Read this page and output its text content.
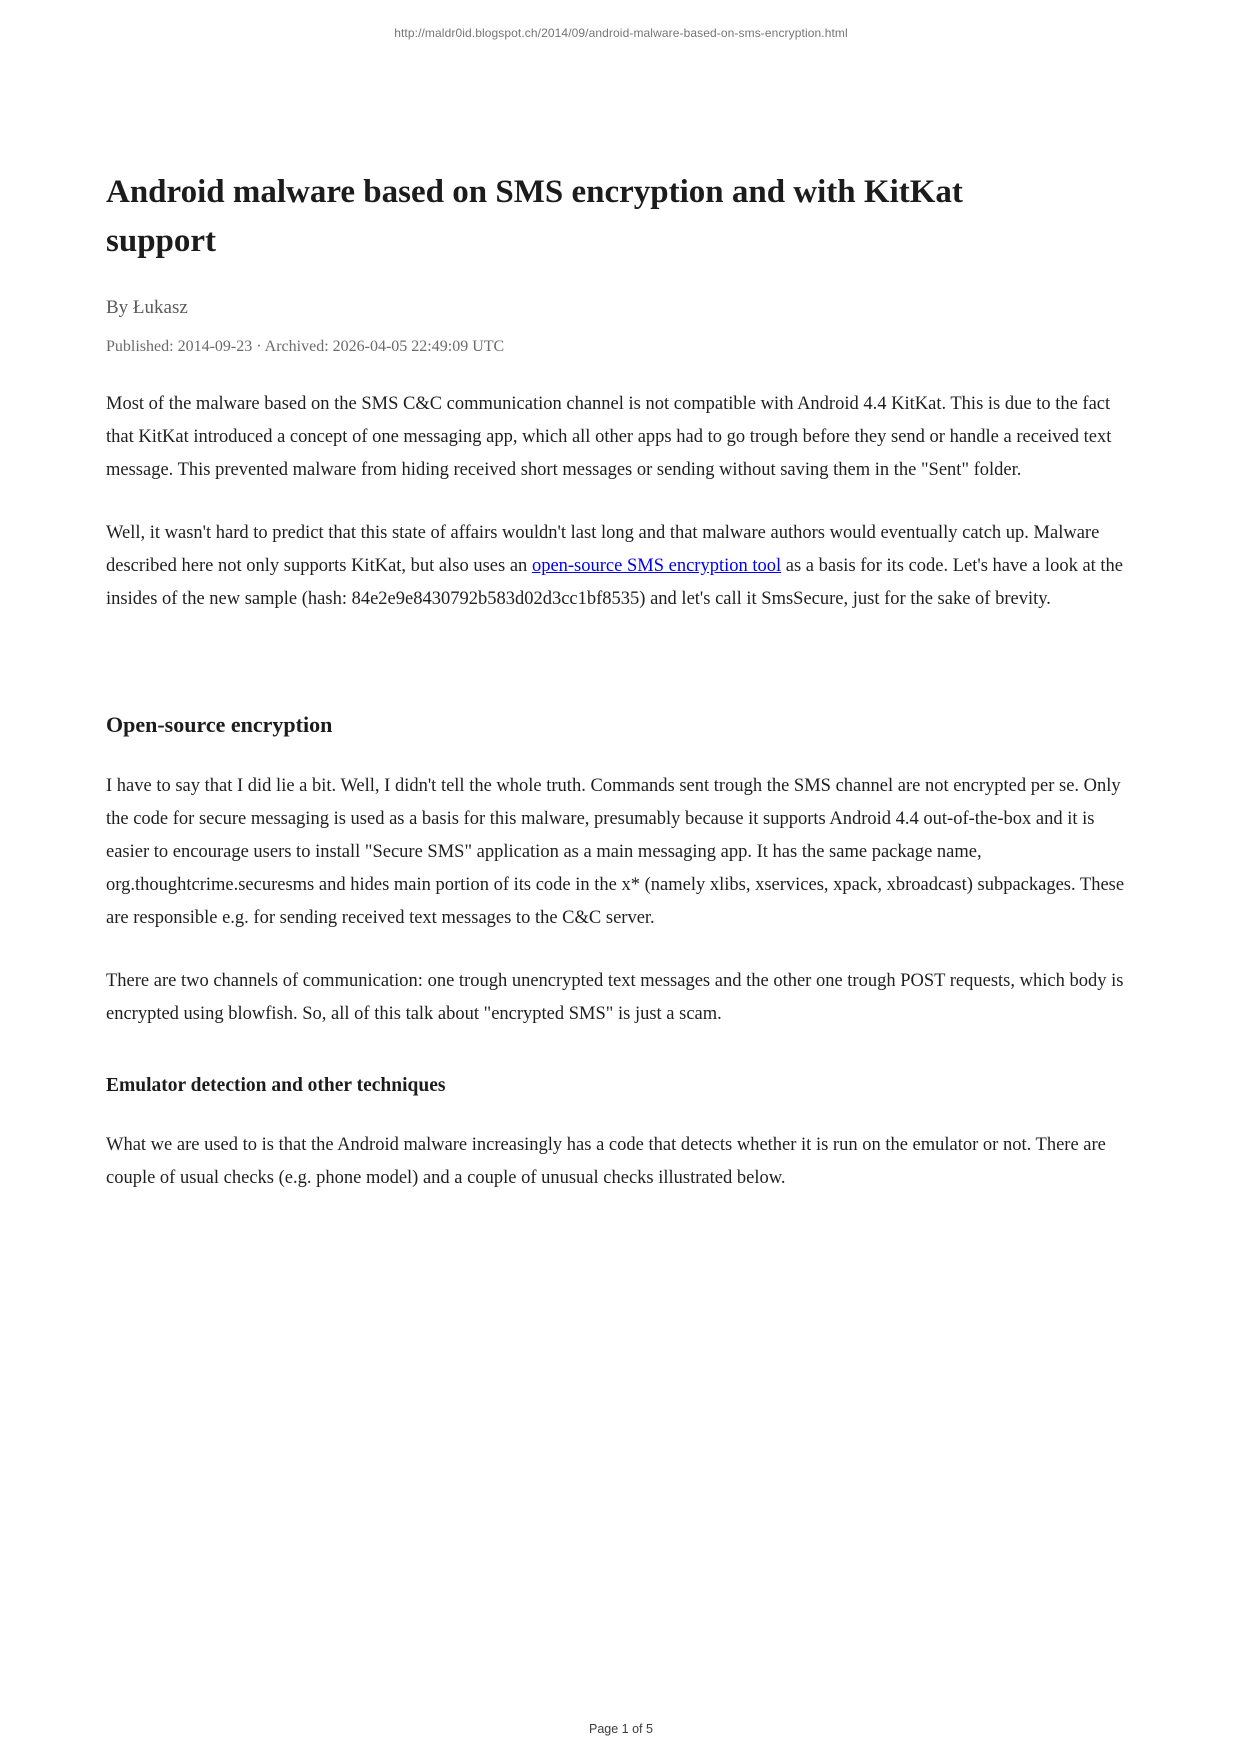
http://maldr0id.blogspot.ch/2014/09/android-malware-based-on-sms-encryption.html
Android malware based on SMS encryption and with KitKat support

By Łukasz

Published: 2014-09-23 · Archived: 2026-04-05 22:49:09 UTC

Most of the malware based on the SMS C&C communication channel is not compatible with Android 4.4 KitKat. This is due to the fact that KitKat introduced a concept of one messaging app, which all other apps had to go trough before they send or handle a received text message. This prevented malware from hiding received short messages or sending without saving them in the "Sent" folder.

Well, it wasn't hard to predict that this state of affairs wouldn't last long and that malware authors would eventually catch up. Malware described here not only supports KitKat, but also uses an open-source SMS encryption tool as a basis for its code. Let's have a look at the insides of the new sample (hash: 84e2e9e8430792b583d02d3cc1bf8535) and let's call it SmsSecure, just for the sake of brevity.

Open-source encryption

I have to say that I did lie a bit. Well, I didn't tell the whole truth. Commands sent trough the SMS channel are not encrypted per se. Only the code for secure messaging is used as a basis for this malware, presumably because it supports Android 4.4 out-of-the-box and it is easier to encourage users to install "Secure SMS" application as a main messaging app. It has the same package name, org.thoughtcrime.securesms and hides main portion of its code in the x* (namely xlibs, xservices, xpack, xbroadcast) subpackages. These are responsible e.g. for sending received text messages to the C&C server.

There are two channels of communication: one trough unencrypted text messages and the other one trough POST requests, which body is encrypted using blowfish. So, all of this talk about "encrypted SMS" is just a scam.

Emulator detection and other techniques

What we are used to is that the Android malware increasingly has a code that detects whether it is run on the emulator or not. There are couple of usual checks (e.g. phone model) and a couple of unusual checks illustrated below.

Page 1 of 5
